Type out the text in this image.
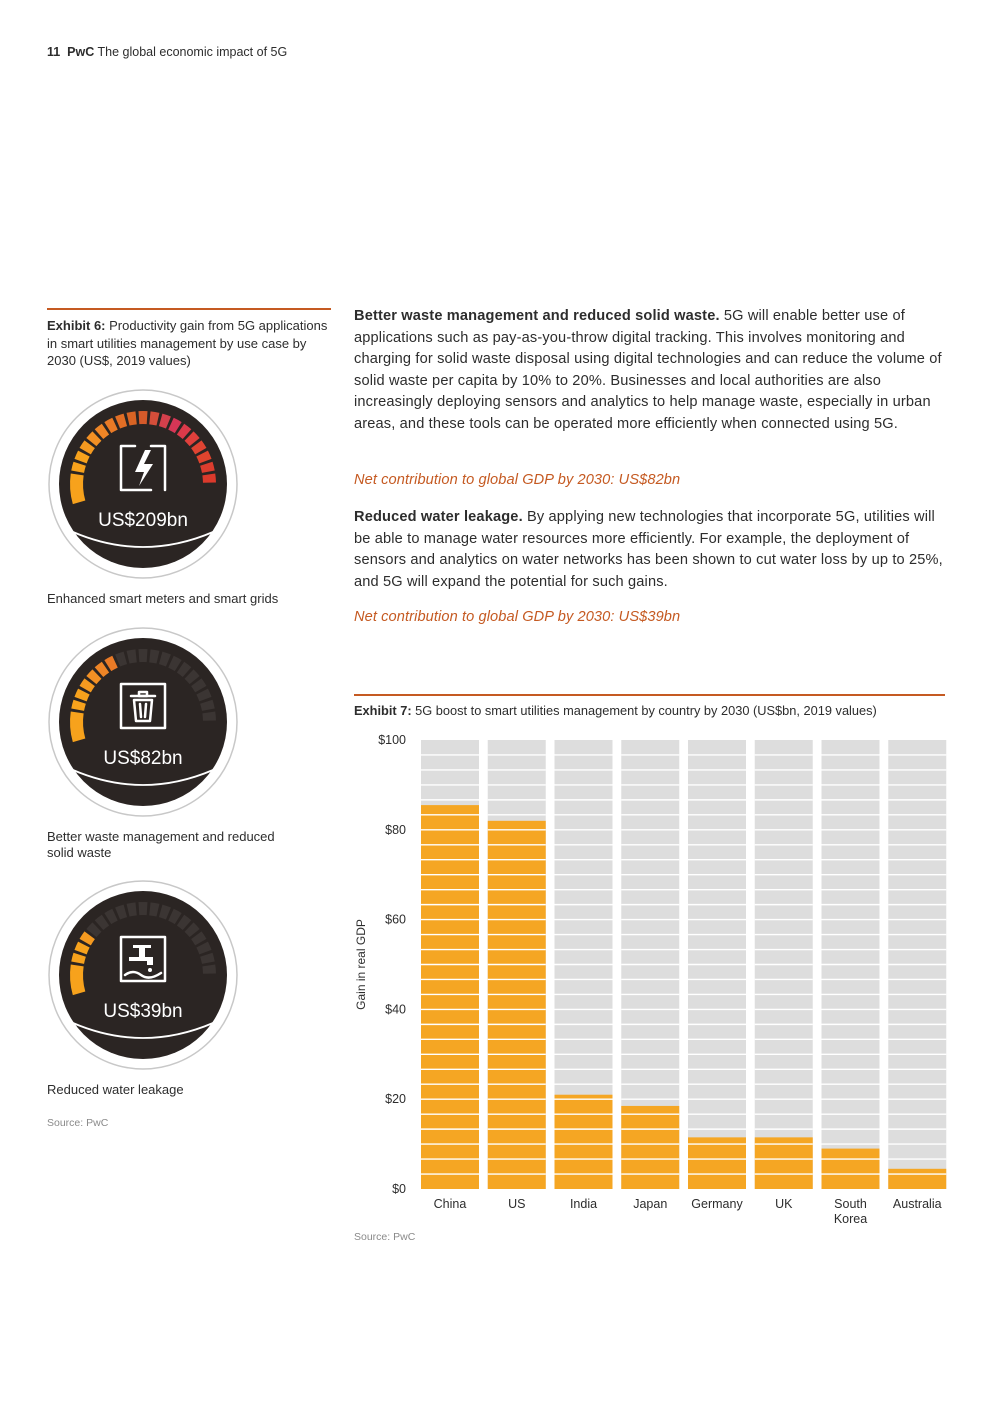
11 PwC The global economic impact of 5G
Exhibit 6: Productivity gain from 5G applications in smart utilities management by use case by 2030 (US$, 2019 values)
US$209bn
Enhanced smart meters and smart grids
US$82bn
Better waste management and reduced solid waste
US$39bn
Reduced water leakage
Source: PwC
Better waste management and reduced solid waste. 5G will enable better use of applications such as pay-as-you-throw digital tracking. This involves monitoring and charging for solid waste disposal using digital technologies and can reduce the volume of solid waste per capita by 10% to 20%. Businesses and local authorities are also increasingly deploying sensors and analytics to help manage waste, especially in urban areas, and these tools can be operated more efficiently when connected using 5G.
Net contribution to global GDP by 2030: US$82bn
Reduced water leakage. By applying new technologies that incorporate 5G, utilities will be able to manage water resources more efficiently. For example, the deployment of sensors and analytics on water networks has been shown to cut water loss by up to 25%, and 5G will expand the potential for such gains.
Net contribution to global GDP by 2030: US$39bn
Exhibit 7: 5G boost to smart utilities management by country by 2030 (US$bn, 2019 values)
$0
$20
$40
$60
$80
$100
Gain in real GDP
China	US	India	Japan Germany	UK	South
Korea
Australia
Source: PwC
